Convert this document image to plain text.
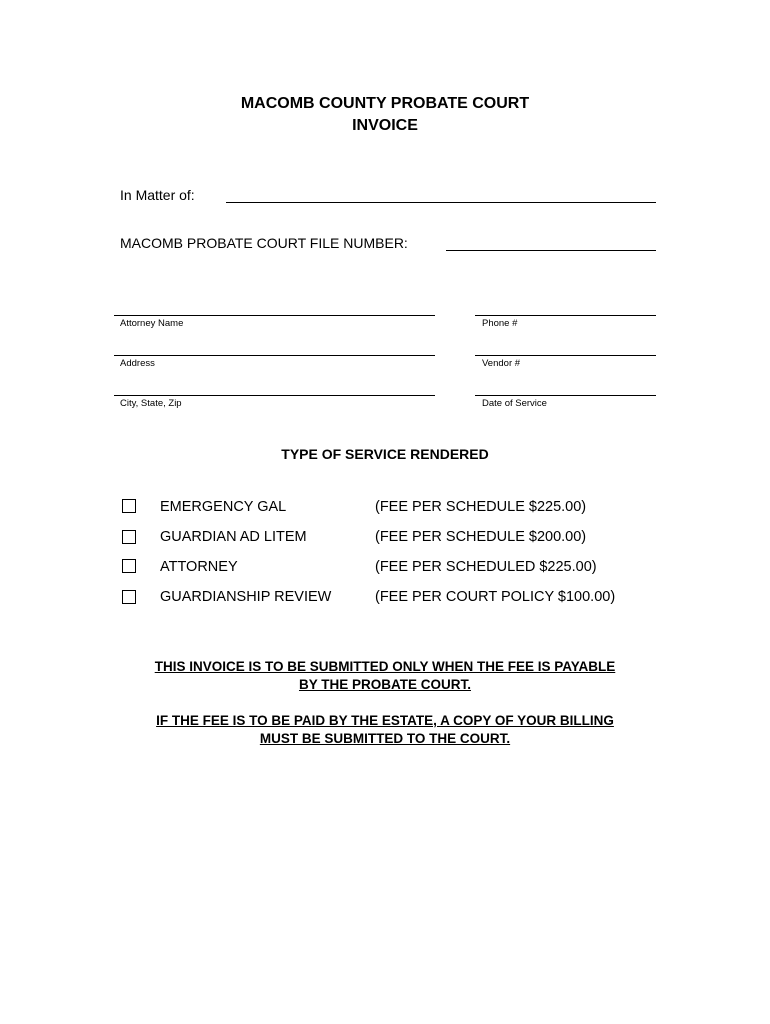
MACOMB COUNTY PROBATE COURT
INVOICE
In Matter of:
MACOMB PROBATE COURT FILE NUMBER:
Attorney Name	Phone #
Address	Vendor #
City, State, Zip	Date of Service
TYPE OF SERVICE RENDERED
EMERGENCY GAL	(FEE PER SCHEDULE $225.00)
GUARDIAN AD LITEM	(FEE PER SCHEDULE $200.00)
ATTORNEY	(FEE PER SCHEDULED $225.00)
GUARDIANSHIP REVIEW	(FEE PER COURT POLICY $100.00)
THIS INVOICE IS TO BE SUBMITTED ONLY WHEN THE FEE IS PAYABLE
BY THE PROBATE COURT.
IF THE FEE IS TO BE PAID BY THE ESTATE, A COPY OF YOUR BILLING
MUST BE SUBMITTED TO THE COURT.
